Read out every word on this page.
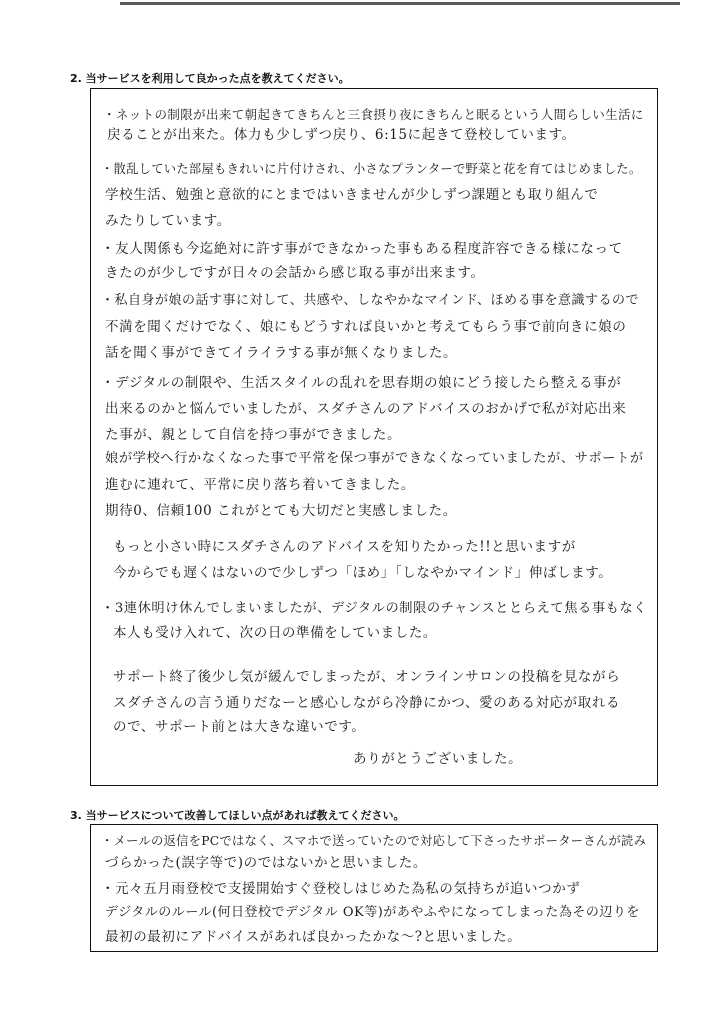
2. 当サービスを利用して良かった点を教えてください。

・ネットの制限が出来て朝起きてきちんと三食摂り夜にきちんと眠るという人間らしい生活に

戻ることが出来た。体力も少しずつ戻り、6:15に起きて登校しています。

・散乱していた部屋もきれいに片付けされ、小さなプランターで野菜と花を育てはじめました。

学校生活、勉強と意欲的にとまではいきませんが少しずつ課題とも取り組んで

みたりしています。

・友人関係も今迄絶対に許す事ができなかった事もある程度許容できる様になって

きたのが少しですが日々の会話から感じ取る事が出来ます。

・私自身が娘の話す事に対して、共感や、しなやかなマインド、ほめる事を意識するので

不満を聞くだけでなく、娘にもどうすれば良いかと考えてもらう事で前向きに娘の

話を聞く事ができてイライラする事が無くなりました。

・デジタルの制限や、生活スタイルの乱れを思春期の娘にどう接したら整える事が

出来るのかと悩んでいましたが、スダチさんのアドバイスのおかげで私が対応出来

た事が、親として自信を持つ事ができました。

娘が学校へ行かなくなった事で平常を保つ事ができなくなっていましたが、サポートが

進むに連れて、平常に戻り落ち着いてきました。

期待0、信頼100 これがとても大切だと実感しました。

もっと小さい時にスダチさんのアドバイスを知りたかった!!と思いますが

今からでも遅くはないので少しずつ「ほめ」「しなやかマインド」伸ばします。

・3連休明け休んでしまいましたが、デジタルの制限のチャンスととらえて焦る事もなく

本人も受け入れて、次の日の準備をしていました。

サポート終了後少し気が緩んでしまったが、オンラインサロンの投稿を見ながら

スダチさんの言う通りだなーと感心しながら冷静にかつ、愛のある対応が取れる

ので、サポート前とは大きな違いです。

ありがとうございました。

3. 当サービスについて改善してほしい点があれば教えてください。

・メールの返信をPCではなく、スマホで送っていたので対応して下さったサポーターさんが読み

づらかった(誤字等で)のではないかと思いました。

・元々五月雨登校で支援開始すぐ登校しはじめた為私の気持ちが追いつかず

デジタルのルール(何日登校でデジタル OK等)があやふやになってしまった為その辺りを

最初の最初にアドバイスがあれば良かったかな〜?と思いました。
